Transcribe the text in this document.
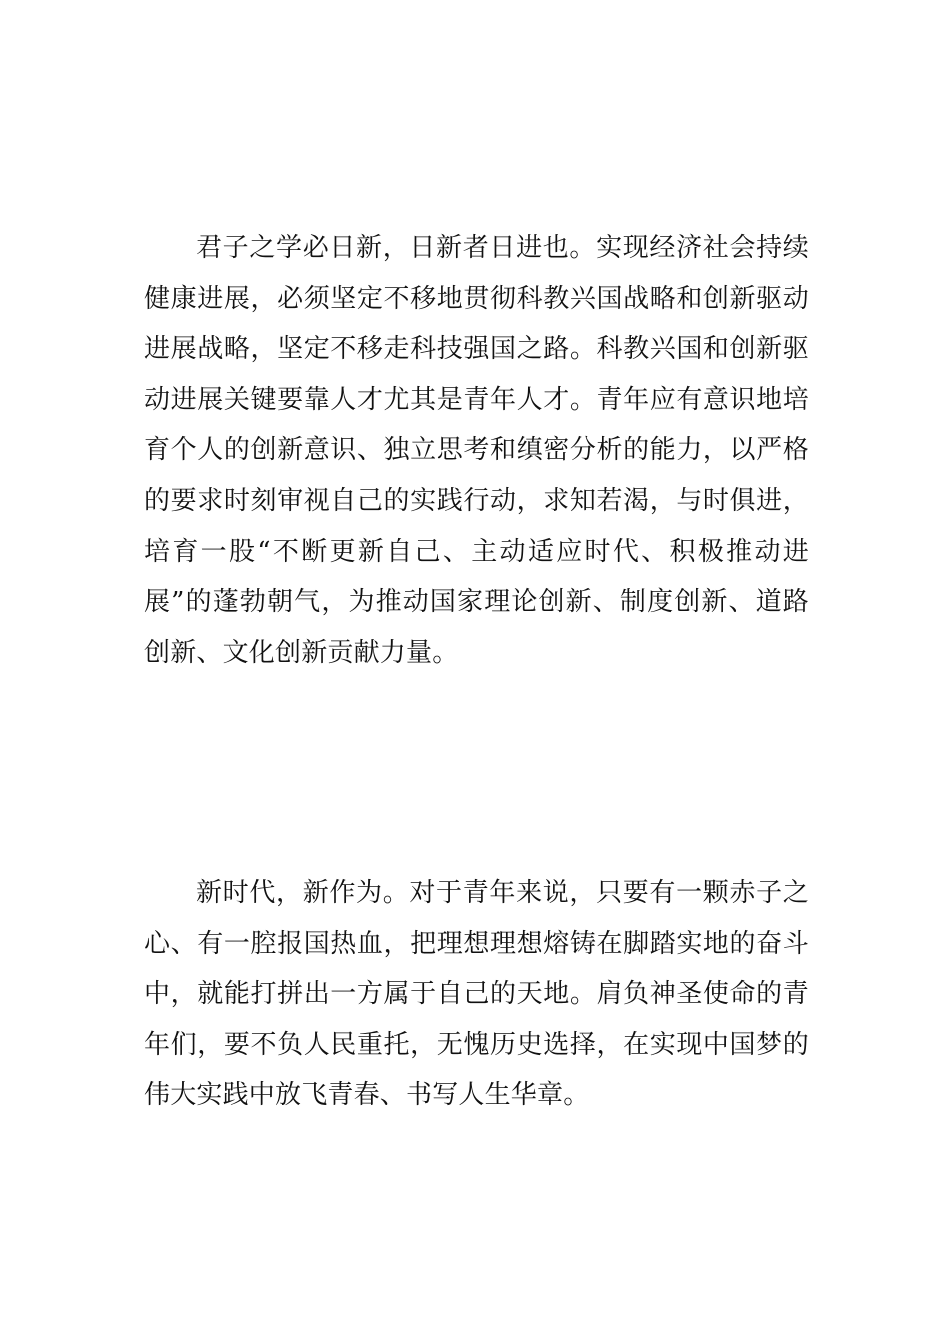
君子之学必日新，日新者日进也。实现经济社会持续健康进展，必须坚定不移地贯彻科教兴国战略和创新驱动进展战略，坚定不移走科技强国之路。科教兴国和创新驱动进展关键要靠人才尤其是青年人才。青年应有意识地培育个人的创新意识、独立思考和缜密分析的能力，以严格的要求时刻审视自己的实践行动，求知若渴，与时俱进，培育一股“不断更新自己、主动适应时代、积极推动进展”的蓬勃朝气，为推动国家理论创新、制度创新、道路创新、文化创新贡献力量。

新时代，新作为。对于青年来说，只要有一颗赤子之心、有一腔报国热血，把理想理想熔铸在脚踏实地的奋斗中，就能打拼出一方属于自己的天地。肩负神圣使命的青年们，要不负人民重托，无愧历史选择，在实现中国梦的伟大实践中放飞青春、书写人生华章。
